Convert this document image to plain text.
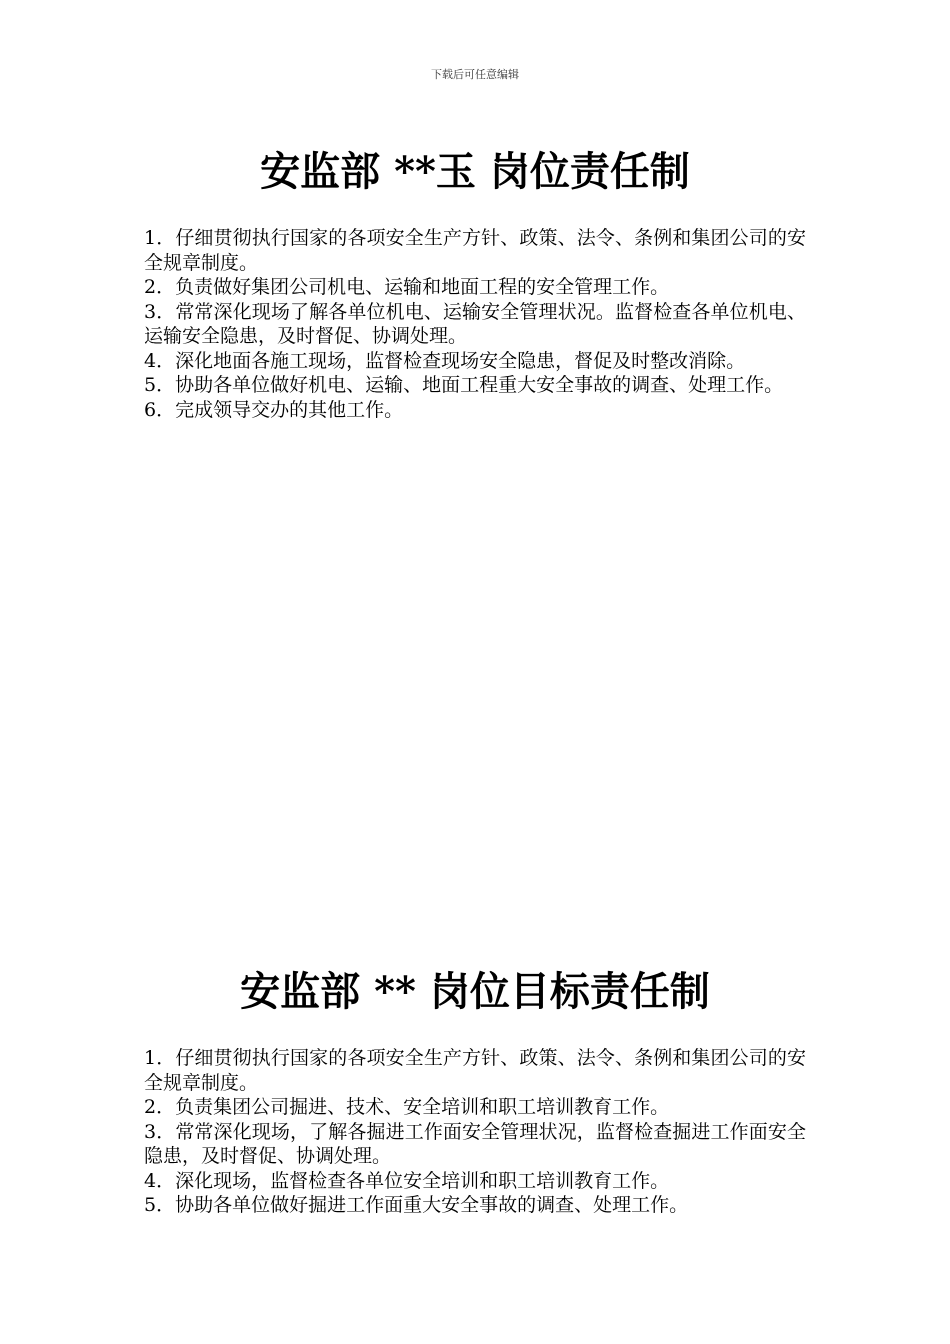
下载后可任意编辑
安监部 **玉 岗位责任制
1．仔细贯彻执行国家的各项安全生产方针、政策、法令、条例和集团公司的安全规章制度。
2．负责做好集团公司机电、运输和地面工程的安全管理工作。
3．常常深化现场了解各单位机电、运输安全管理状况。监督检查各单位机电、运输安全隐患，及时督促、协调处理。
4．深化地面各施工现场，监督检查现场安全隐患，督促及时整改消除。
5．协助各单位做好机电、运输、地面工程重大安全事故的调查、处理工作。
6．完成领导交办的其他工作。
安监部 ** 岗位目标责任制
1．仔细贯彻执行国家的各项安全生产方针、政策、法令、条例和集团公司的安全规章制度。
2．负责集团公司掘进、技术、安全培训和职工培训教育工作。
3．常常深化现场，了解各掘进工作面安全管理状况，监督检查掘进工作面安全隐患，及时督促、协调处理。
4．深化现场，监督检查各单位安全培训和职工培训教育工作。
5．协助各单位做好掘进工作面重大安全事故的调查、处理工作。
